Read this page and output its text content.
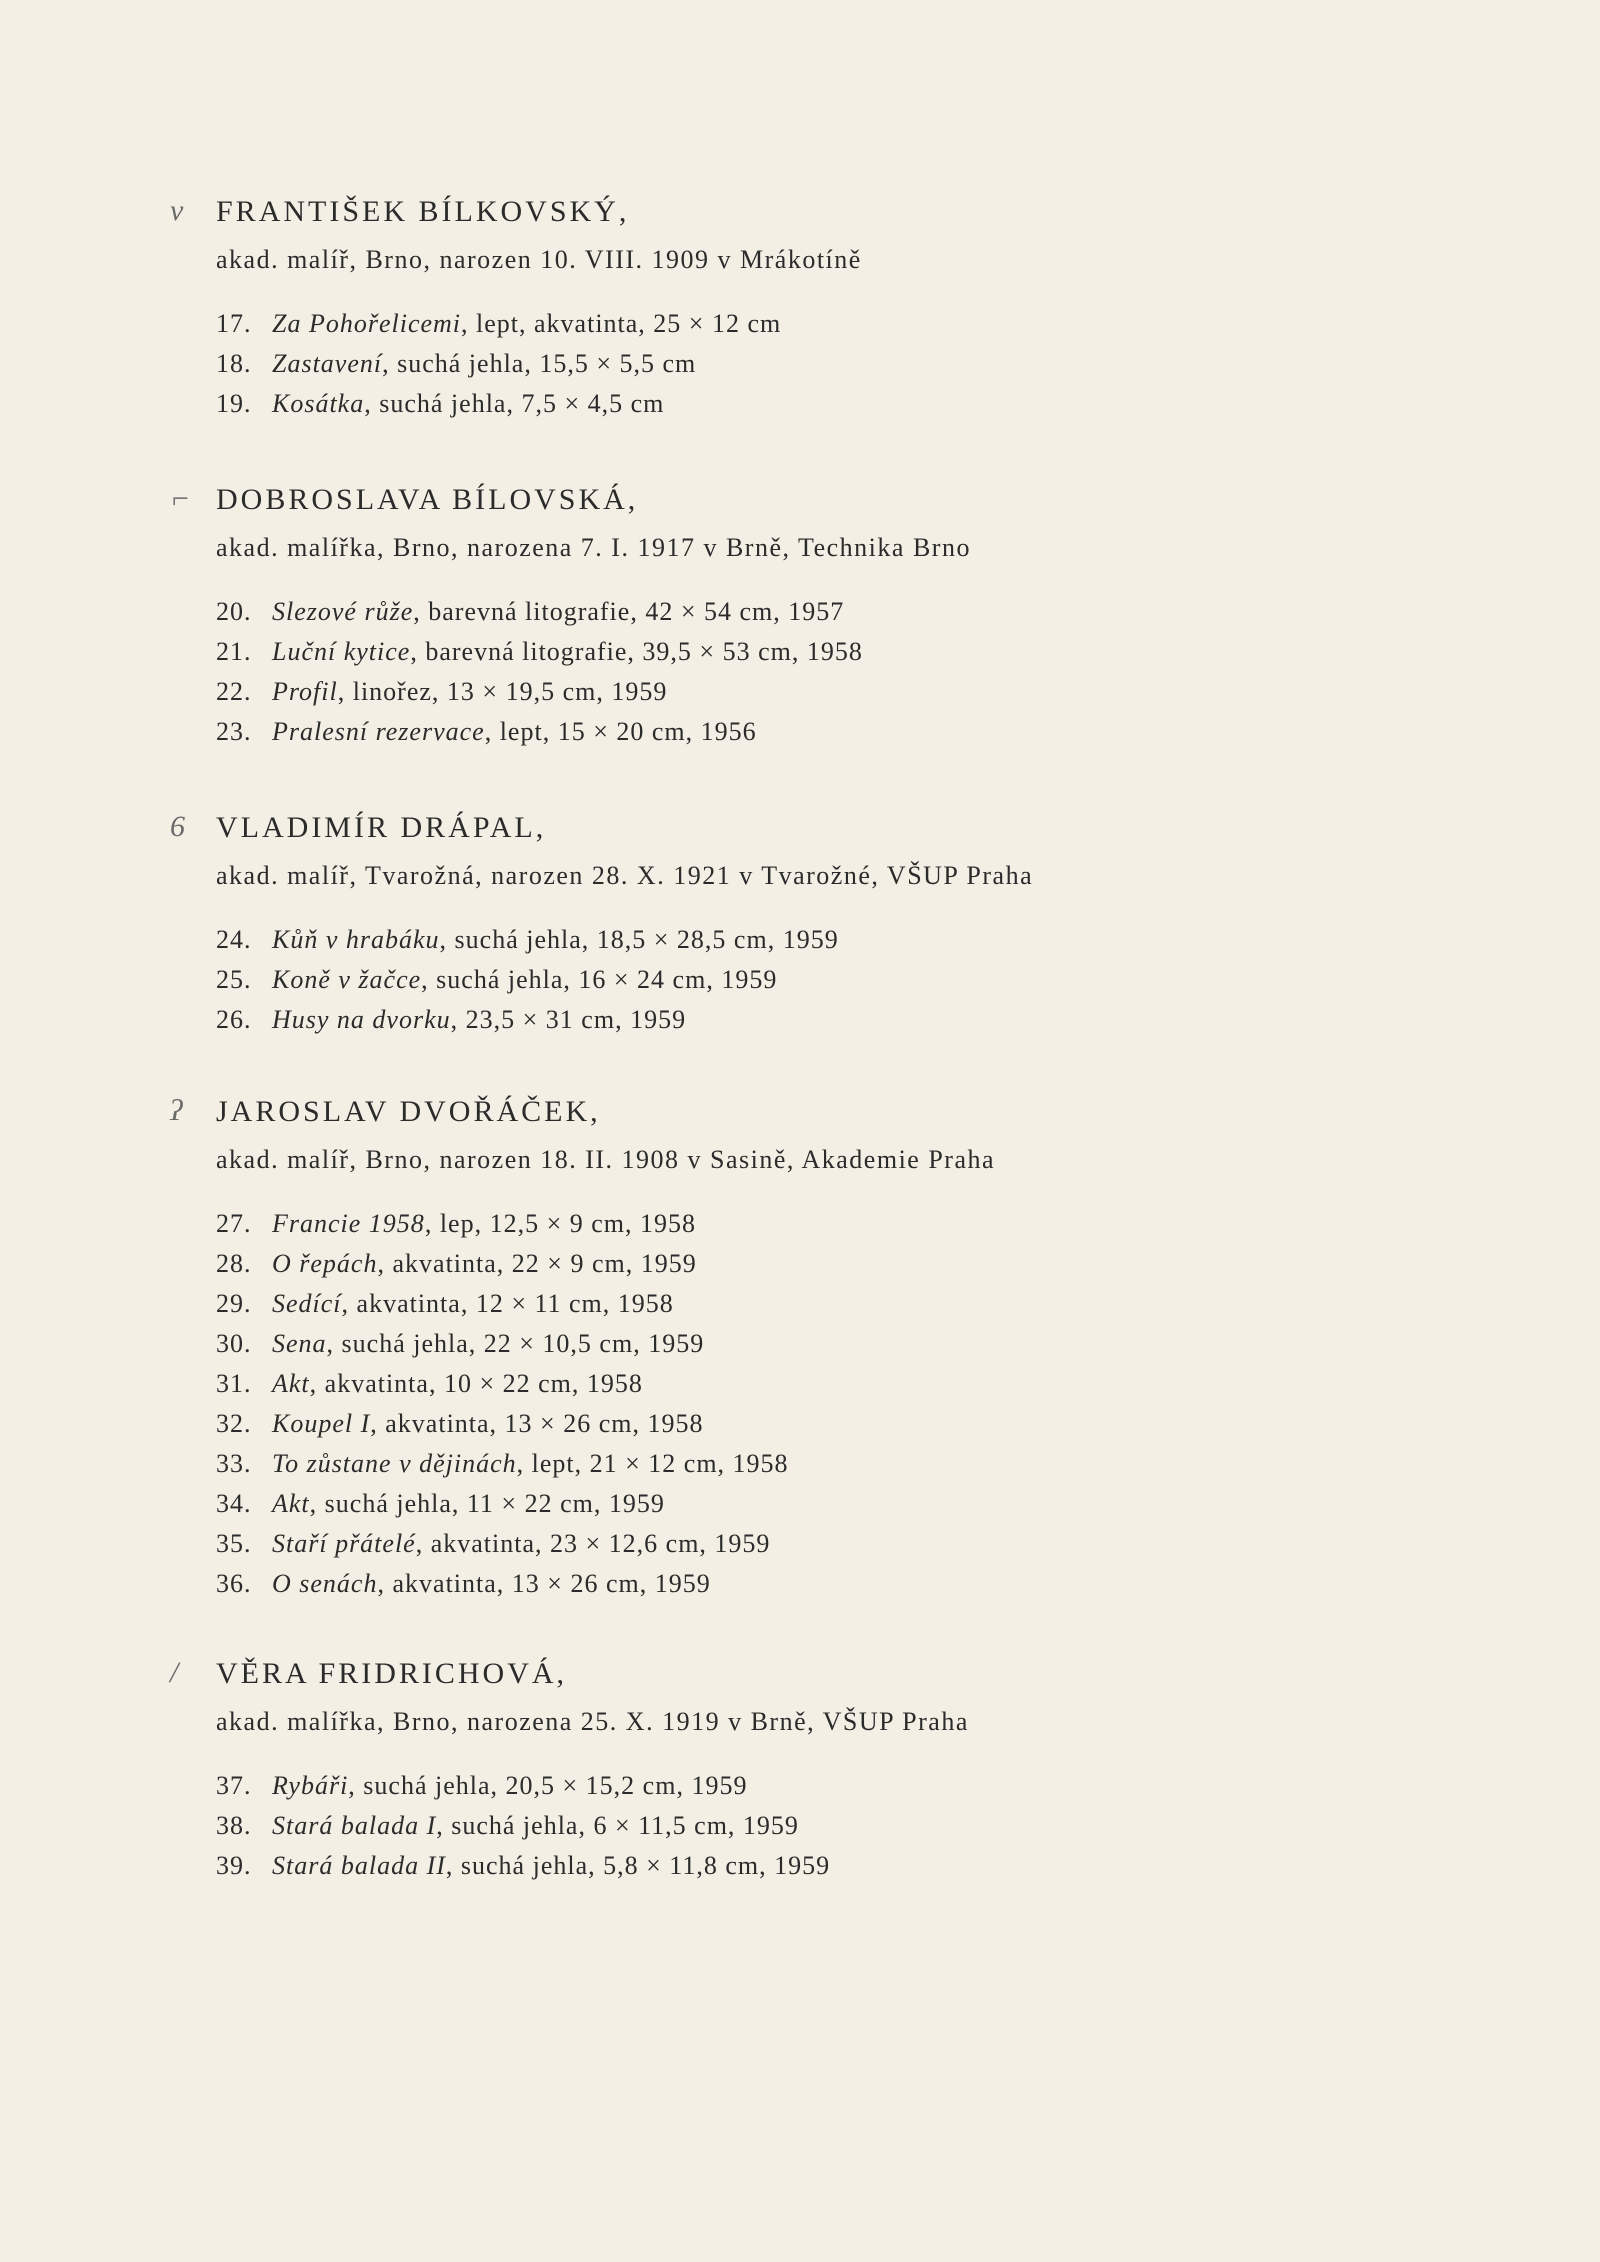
v FRANTIŠEK BÍLKOVSKÝ,
akad. malíř, Brno, narozen 10. VIII. 1909 v Mrákotíně
17. Za Pohořelicemi, lept, akvatinta, 25 × 12 cm
18. Zastavení, suchá jehla, 15,5 × 5,5 cm
19. Kosátka, suchá jehla, 7,5 × 4,5 cm
⌐ DOBROSLAVA BÍLOVSKÁ,
akad. malířka, Brno, narozena 7. I. 1917 v Brně, Technika Brno
20. Slezové růže, barevná litografie, 42 × 54 cm, 1957
21. Luční kytice, barevná litografie, 39,5 × 53 cm, 1958
22. Profil, linořez, 13 × 19,5 cm, 1959
23. Pralesní rezervace, lept, 15 × 20 cm, 1956
6 VLADIMÍR DRÁPAL,
akad. malíř, Tvarožná, narozen 28. X. 1921 v Tvarožné, VŠUP Praha
24. Kůň v hrabáku, suchá jehla, 18,5 × 28,5 cm, 1959
25. Koně v žačce, suchá jehla, 16 × 24 cm, 1959
26. Husy na dvorku, 23,5 × 31 cm, 1959
ʔ JAROSLAV DVOŘÁČEK,
akad. malíř, Brno, narozen 18. II. 1908 v Sasině, Akademie Praha
27. Francie 1958, lep, 12,5 × 9 cm, 1958
28. O řepách, akvatinta, 22 × 9 cm, 1959
29. Sedící, akvatinta, 12 × 11 cm, 1958
30. Sena, suchá jehla, 22 × 10,5 cm, 1959
31. Akt, akvatinta, 10 × 22 cm, 1958
32. Koupel I, akvatinta, 13 × 26 cm, 1958
33. To zůstane v dějinách, lept, 21 × 12 cm, 1958
34. Akt, suchá jehla, 11 × 22 cm, 1959
35. Staří přátelé, akvatinta, 23 × 12,6 cm, 1959
36. O senách, akvatinta, 13 × 26 cm, 1959
/ VĚRA FRIDRICHOVÁ,
akad. malířka, Brno, narozena 25. X. 1919 v Brně, VŠUP Praha
37. Rybáři, suchá jehla, 20,5 × 15,2 cm, 1959
38. Stará balada I, suchá jehla, 6 × 11,5 cm, 1959
39. Stará balada II, suchá jehla, 5,8 × 11,8 cm, 1959
